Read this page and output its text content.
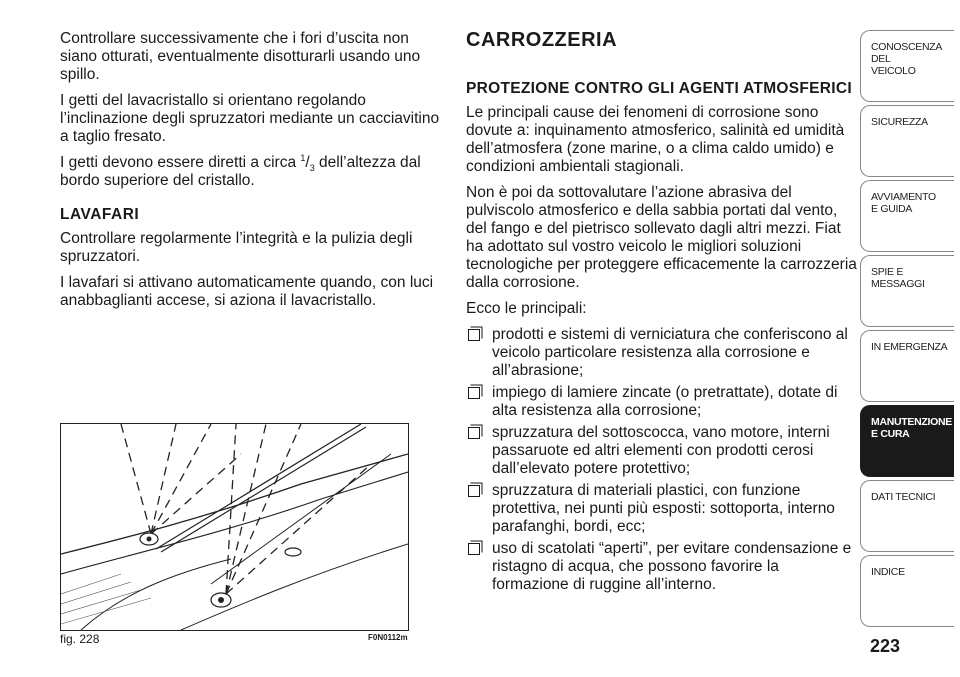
Controllare successivamente che i fori d’uscita non siano otturati, eventualmente disotturarli usando uno spillo.

I getti del lavacristallo si orientano regolando l’inclinazione degli spruzzatori mediante un cacciavitino a taglio fresato.

I getti devono essere diretti a circa $^1/_3$ dell’altezza dal bordo superiore del cristallo.

LAVAFARI

Controllare regolarmente l’integrità e la pulizia degli spruzzatori.

I lavafari si attivano automaticamente quando, con luci anabbaglianti accese, si aziona il lavacristallo.

fig. 228	F0N0112m
CARROZZERIA
PROTEZIONE CONTRO GLI AGENTI ATMOSFERICI

Le principali cause dei fenomeni di corrosione sono dovute a: inquinamento atmosferico, salinità ed umidità dell’atmosfera (zone marine, o a clima caldo umido) e condizioni ambientali stagionali.

Non è poi da sottovalutare l’azione abrasiva del pulviscolo atmosferico e della sabbia portati dal vento, del fango e del pietrisco sollevato dagli altri mezzi. Fiat ha adottato sul vostro veicolo le migliori soluzioni tecnologiche per proteggere efficacemente la carrozzeria dalla corrosione.

Ecco le principali:

prodotti e sistemi di verniciatura che conferiscono al veicolo particolare resistenza alla corrosione e all’abrasione;
impiego di lamiere zincate (o pretrattate), dotate di alta resistenza alla corrosione;
spruzzatura del sottoscocca, vano motore, interni passaruote ed altri elementi con prodotti cerosi dall’elevato potere protettivo;
spruzzatura di materiali plastici, con funzione protettiva, nei punti più esposti: sottoporta, interno parafanghi, bordi, ecc;
uso di scatolati “aperti”, per evitare condensazione e ristagno di acqua, che possono favorire la formazione di ruggine all’interno.
CONOSCENZA
DEL
VEICOLO
SICUREZZA
AVVIAMENTO
E GUIDA
SPIE E
MESSAGGI
IN EMERGENZA
MANUTENZIONE
E CURA
DATI TECNICI
INDICE
223
